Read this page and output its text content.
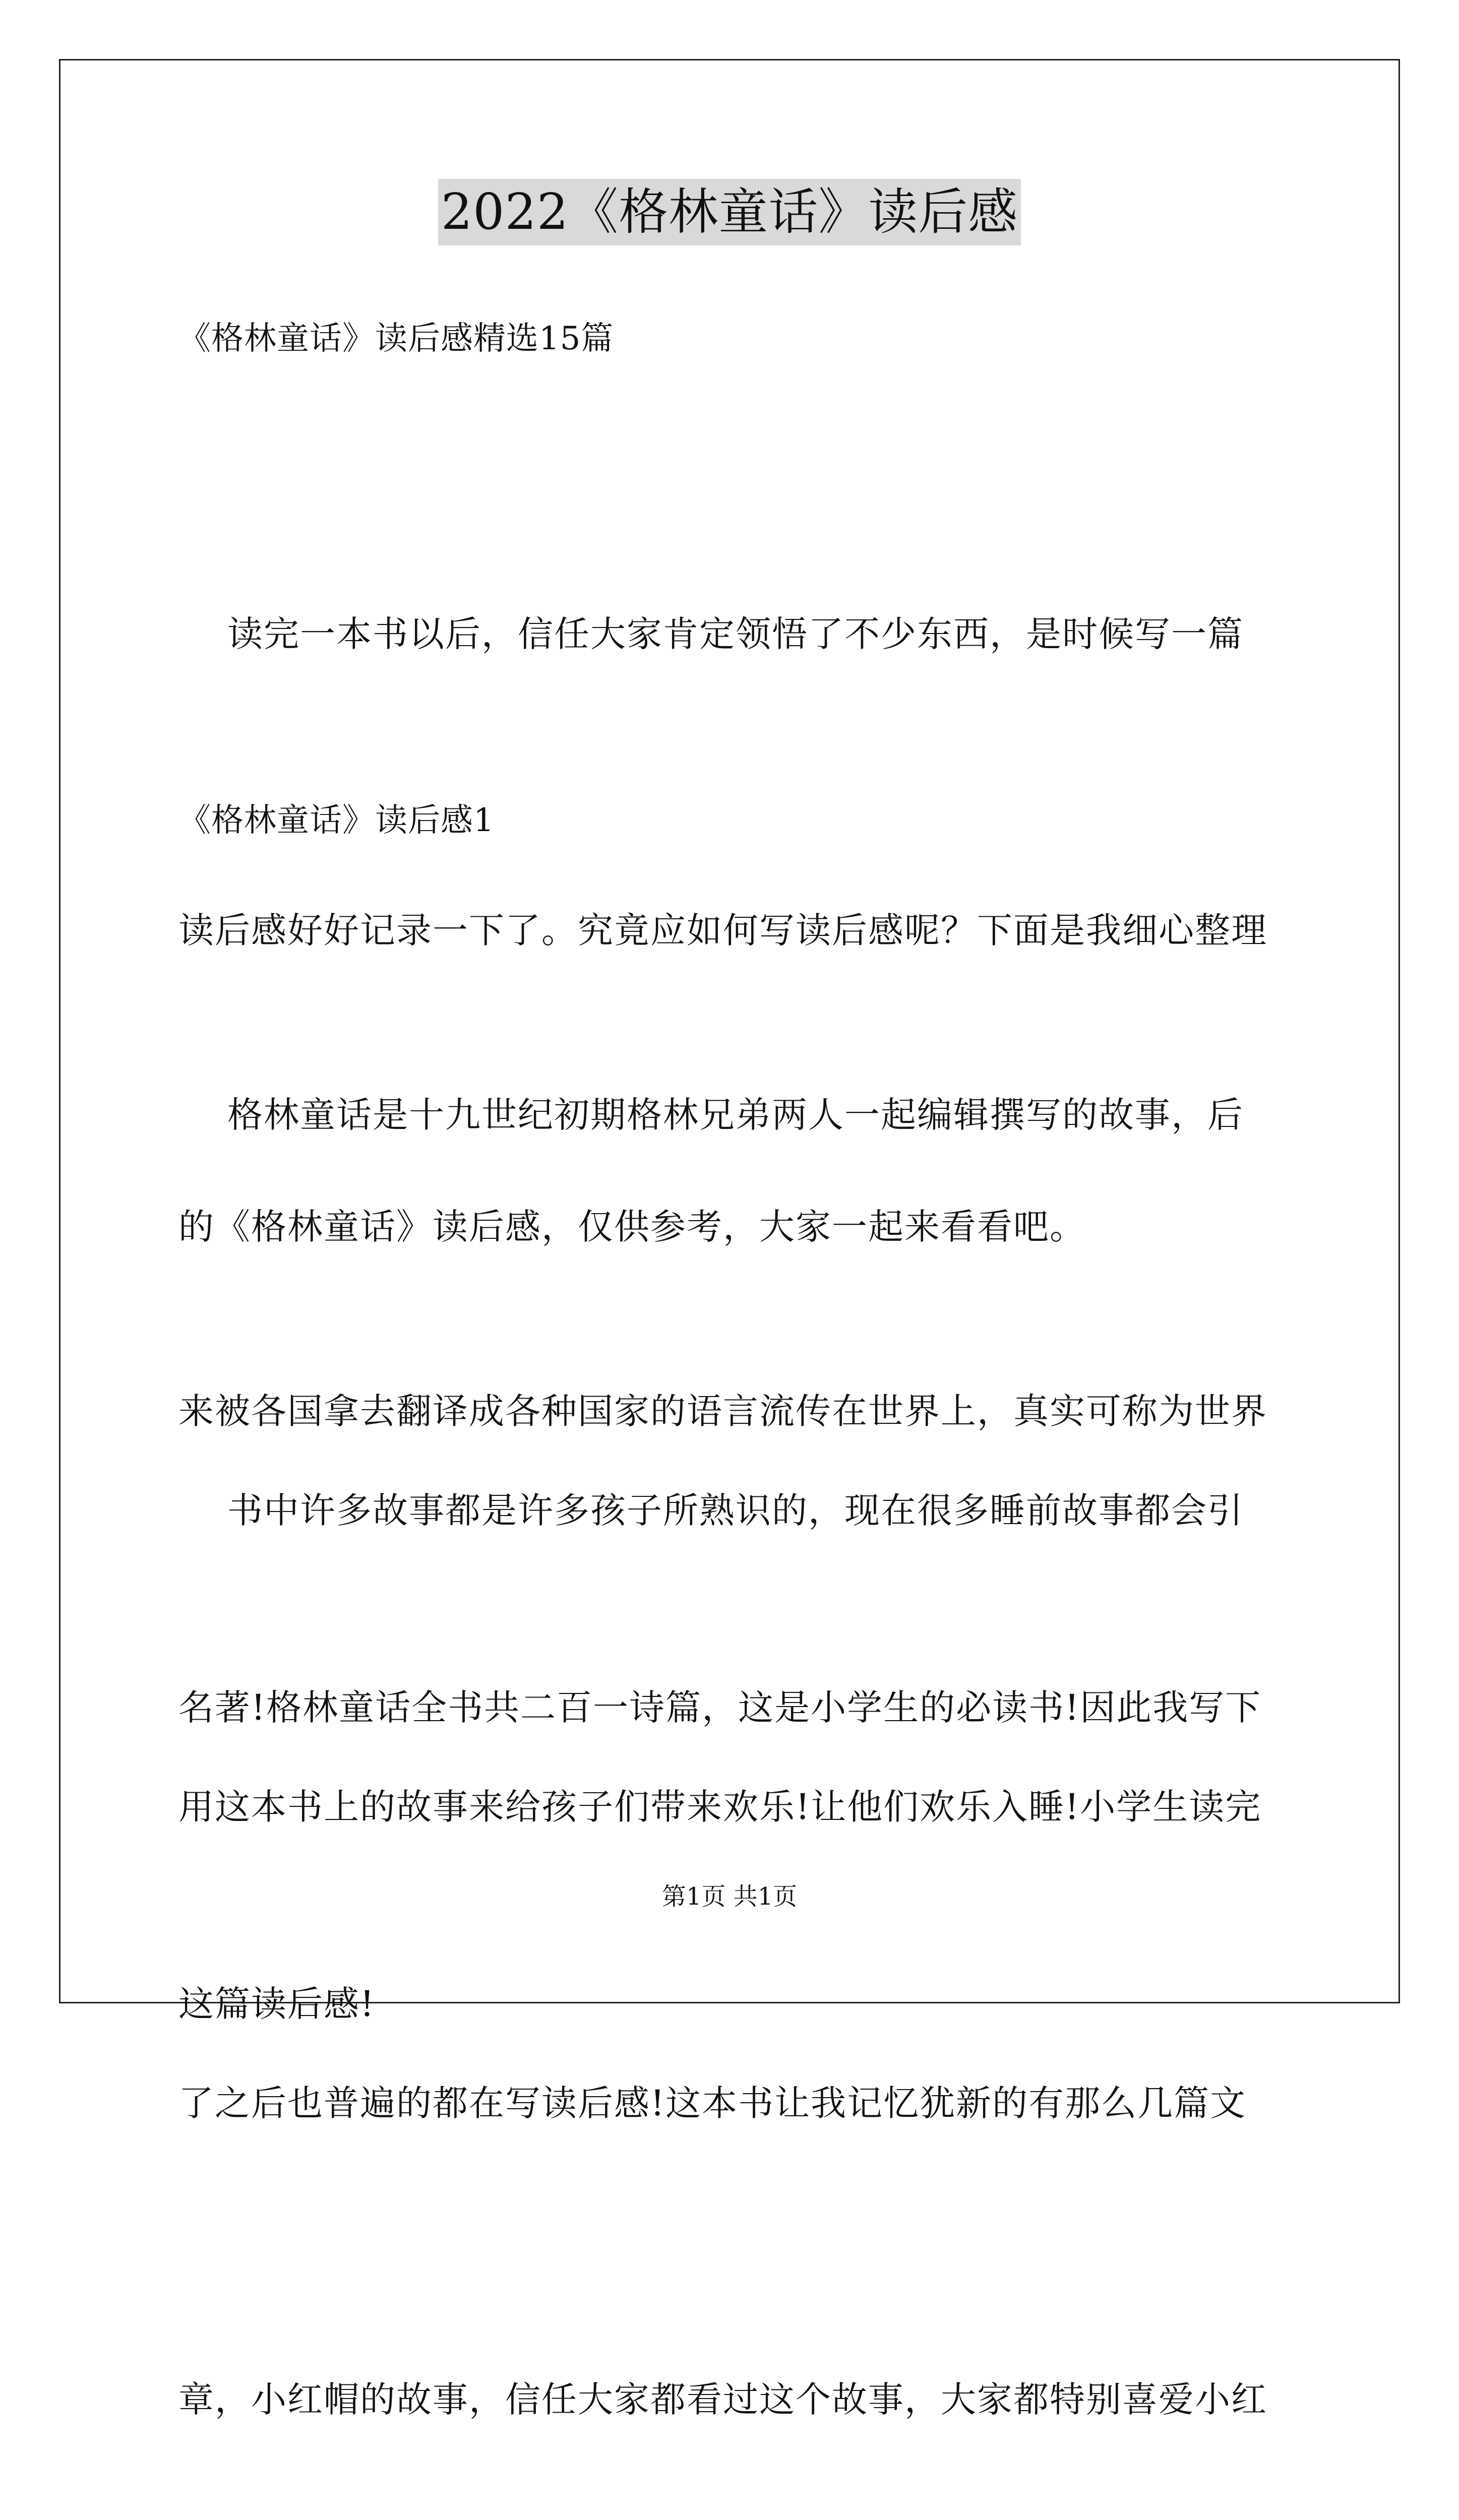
2022《格林童话》读后感
《格林童话》读后感精选15篇

读完一本书以后，信任大家肯定领悟了不少东西，是时候写一篇

读后感好好记录一下了。究竟应如何写读后感呢？下面是我细心整理

的《格林童话》读后感，仅供参考，大家一起来看看吧。

《格林童话》读后感1

格林童话是十九世纪初期格林兄弟两人一起编辑撰写的故事，后

来被各国拿去翻译成各种国家的语言流传在世界上，真实可称为世界

名著!格林童话全书共二百一诗篇，这是小学生的必读书!因此我写下

这篇读后感!

书中许多故事都是许多孩子所熟识的，现在很多睡前故事都会引

用这本书上的故事来给孩子们带来欢乐!让他们欢乐入睡!小学生读完

了之后也普遍的都在写读后感!这本书让我记忆犹新的有那么几篇文

章，小红帽的故事，信任大家都看过这个故事，大家都特别喜爱小红

第1页 共1页
